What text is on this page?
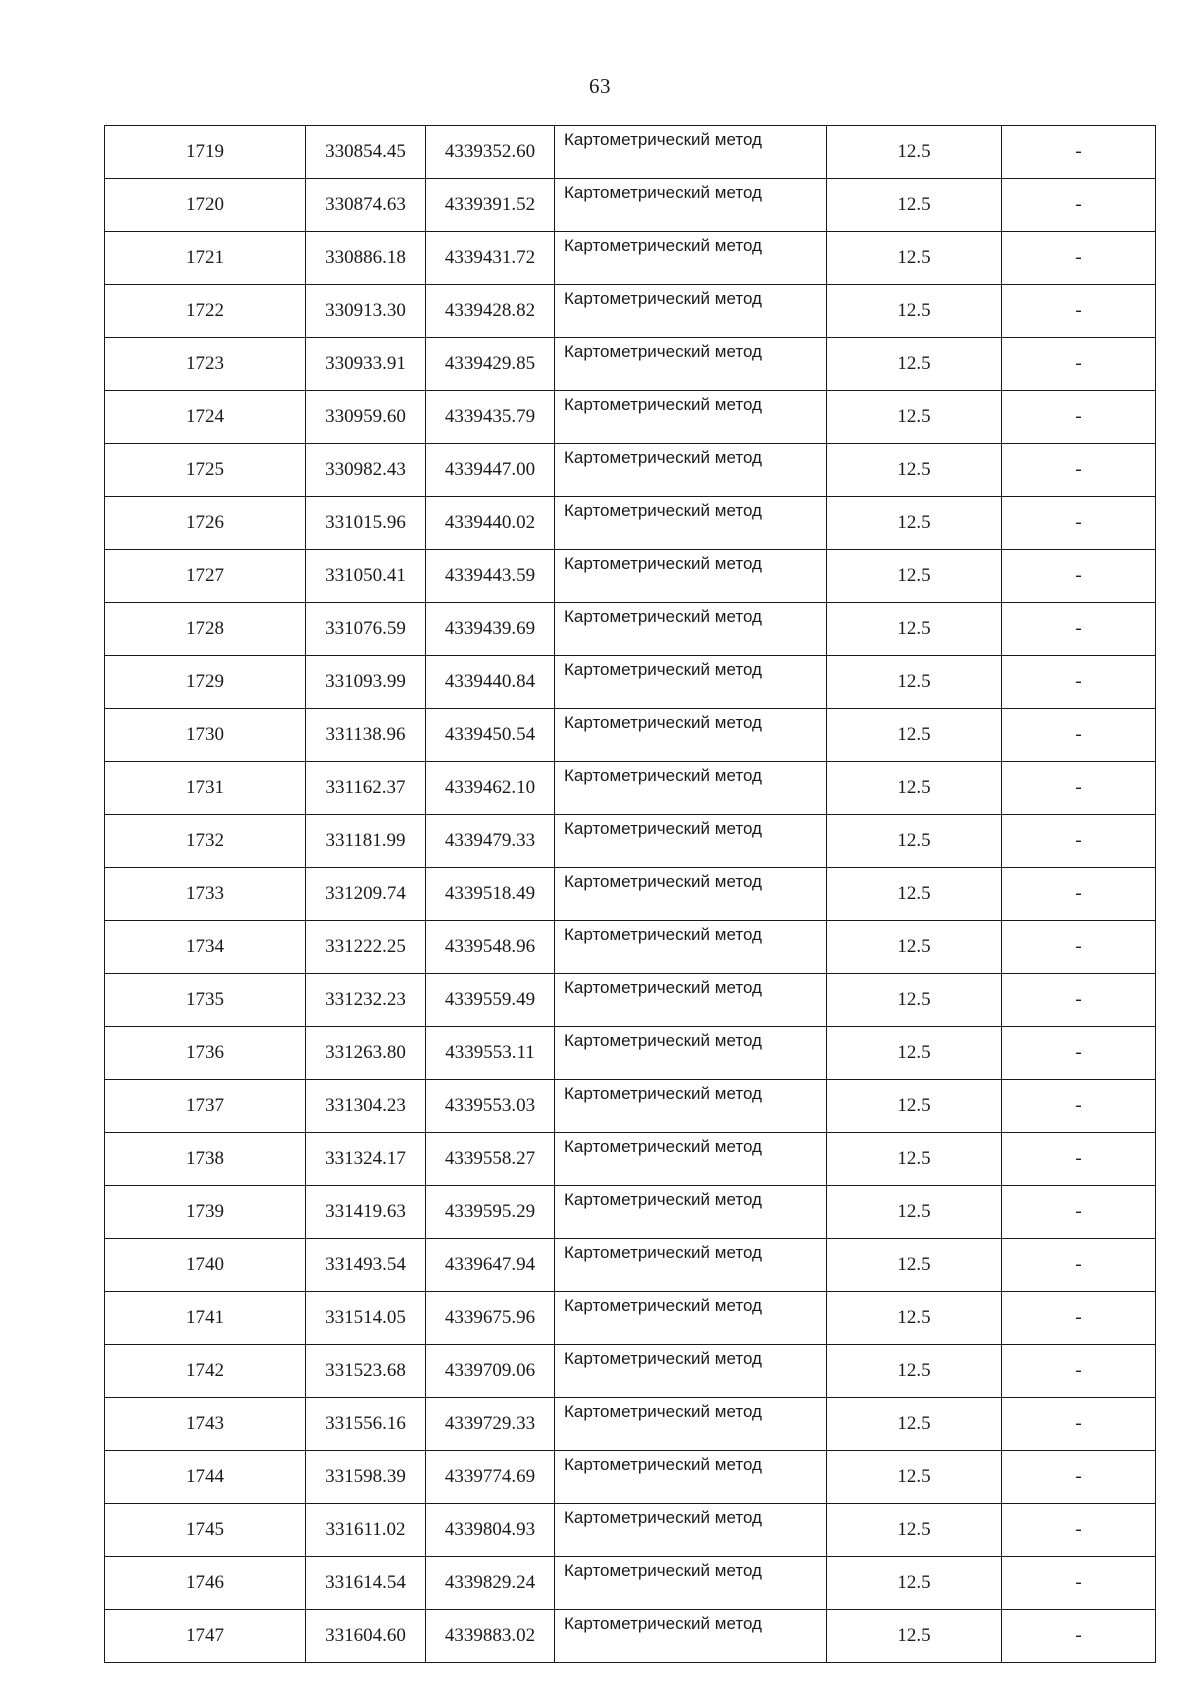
63
1719	330854.45	4339352.60	Картометрический метод	12.5	-
1720	330874.63	4339391.52	Картометрический метод	12.5	-
1721	330886.18	4339431.72	Картометрический метод	12.5	-
1722	330913.30	4339428.82	Картометрический метод	12.5	-
1723	330933.91	4339429.85	Картометрический метод	12.5	-
1724	330959.60	4339435.79	Картометрический метод	12.5	-
1725	330982.43	4339447.00	Картометрический метод	12.5	-
1726	331015.96	4339440.02	Картометрический метод	12.5	-
1727	331050.41	4339443.59	Картометрический метод	12.5	-
1728	331076.59	4339439.69	Картометрический метод	12.5	-
1729	331093.99	4339440.84	Картометрический метод	12.5	-
1730	331138.96	4339450.54	Картометрический метод	12.5	-
1731	331162.37	4339462.10	Картометрический метод	12.5	-
1732	331181.99	4339479.33	Картометрический метод	12.5	-
1733	331209.74	4339518.49	Картометрический метод	12.5	-
1734	331222.25	4339548.96	Картометрический метод	12.5	-
1735	331232.23	4339559.49	Картометрический метод	12.5	-
1736	331263.80	4339553.11	Картометрический метод	12.5	-
1737	331304.23	4339553.03	Картометрический метод	12.5	-
1738	331324.17	4339558.27	Картометрический метод	12.5	-
1739	331419.63	4339595.29	Картометрический метод	12.5	-
1740	331493.54	4339647.94	Картометрический метод	12.5	-
1741	331514.05	4339675.96	Картометрический метод	12.5	-
1742	331523.68	4339709.06	Картометрический метод	12.5	-
1743	331556.16	4339729.33	Картометрический метод	12.5	-
1744	331598.39	4339774.69	Картометрический метод	12.5	-
1745	331611.02	4339804.93	Картометрический метод	12.5	-
1746	331614.54	4339829.24	Картометрический метод	12.5	-
1747	331604.60	4339883.02	Картометрический метод	12.5	-
